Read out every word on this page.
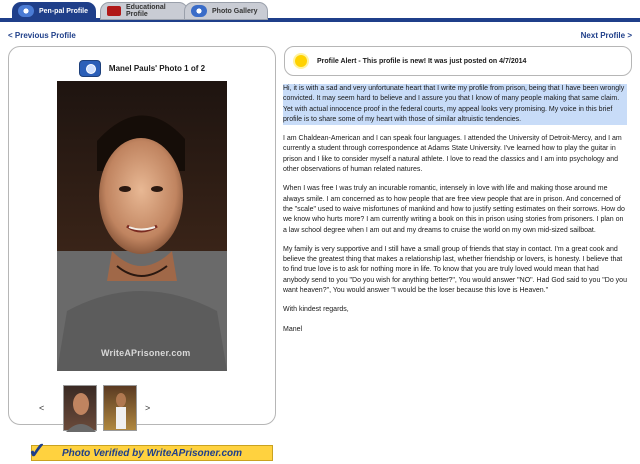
Pen-pal Profile	Educational Profile	Photo Gallery
< Previous Profile	Next Profile >
Manel Pauls' Photo 1 of 2
WriteAPrisoner.com
<	>
✓ Photo Verified by WriteAPrisoner.com
Profile Alert - This profile is new! It was just posted on 4/7/2014

Hi, it is with a sad and very unfortunate heart that I write my profile from prison, being that I have been wrongly convicted. It may seem hard to believe and I assure you that I know of many people making that same claim. Yet with actual innocence proof in the federal courts, my appeal looks very promising. My voice in this brief profile is to share some of my heart with those of similar altruistic tendencies.

I am Chaldean-American and I can speak four languages. I attended the University of Detroit-Mercy, and I am currently a student through correspondence at Adams State University. I've learned how to play the guitar in prison and I like to consider myself a natural athlete. I love to read the classics and I am into psychology and other observations of human related natures.

When I was free I was truly an incurable romantic, intensely in love with life and making those around me always smile. I am concerned as to how people that are free view people that are in prison. And concerned of the "scale" used to waive misfortunes of mankind and how to justify setting estimates on their sorrows. How do we know who hurts more? I am currently writing a book on this in prison using stories from prisoners. I plan on a law school degree when I am out and my dreams to cruise the world on my own mid-sized sailboat.

My family is very supportive and I still have a small group of friends that stay in contact. I'm a great cook and believe the greatest thing that makes a relationship last, whether friendship or lovers, is honesty. I believe that to find true love is to ask for nothing more in life. To know that you are truly loved would mean that had anybody send to you "Do you wish for anything better?", You would answer "NO". Had God said to you "Do you want heaven?", You would answer "I would be the loser because this love is Heaven."

With kindest regards,

Manel
